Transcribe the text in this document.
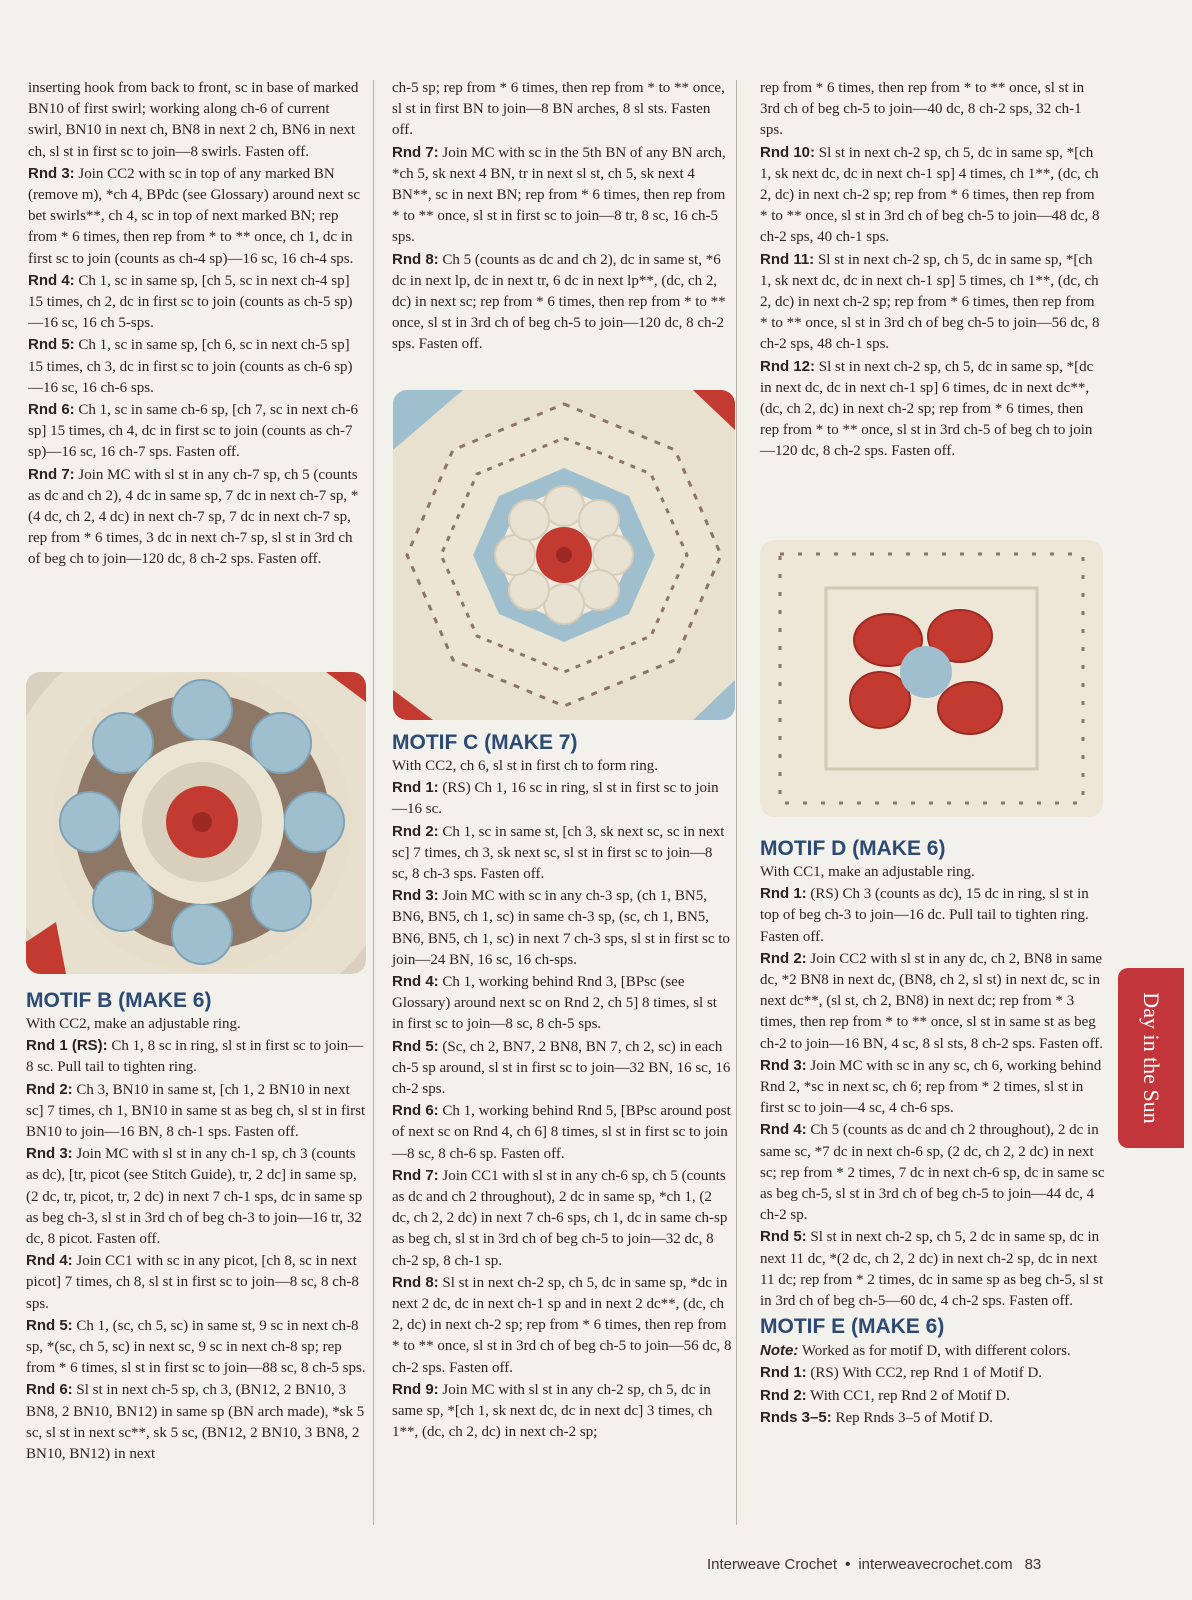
inserting hook from back to front, sc in base of marked BN10 of first swirl; working along ch-6 of current swirl, BN10 in next ch, BN8 in next 2 ch, BN6 in next ch, sl st in first sc to join—8 swirls. Fasten off.

Rnd 3: Join CC2 with sc in top of any marked BN (remove m), *ch 4, BPdc (see Glossary) around next sc bet swirls**, ch 4, sc in top of next marked BN; rep from * 6 times, then rep from * to ** once, ch 1, dc in first sc to join (counts as ch-4 sp)—16 sc, 16 ch-4 sps.

Rnd 4: Ch 1, sc in same sp, [ch 5, sc in next ch-4 sp] 15 times, ch 2, dc in first sc to join (counts as ch-5 sp)—16 sc, 16 ch 5-sps.

Rnd 5: Ch 1, sc in same sp, [ch 6, sc in next ch-5 sp] 15 times, ch 3, dc in first sc to join (counts as ch-6 sp)—16 sc, 16 ch-6 sps.

Rnd 6: Ch 1, sc in same ch-6 sp, [ch 7, sc in next ch-6 sp] 15 times, ch 4, dc in first sc to join (counts as ch-7 sp)—16 sc, 16 ch-7 sps. Fasten off.

Rnd 7: Join MC with sl st in any ch-7 sp, ch 5 (counts as dc and ch 2), 4 dc in same sp, 7 dc in next ch-7 sp, *(4 dc, ch 2, 4 dc) in next ch-7 sp, 7 dc in next ch-7 sp, rep from * 6 times, 3 dc in next ch-7 sp, sl st in 3rd ch of beg ch to join—120 dc, 8 ch-2 sps. Fasten off.

MOTIF B (MAKE 6)

With CC2, make an adjustable ring.

Rnd 1 (RS): Ch 1, 8 sc in ring, sl st in first sc to join—8 sc. Pull tail to tighten ring.

Rnd 2: Ch 3, BN10 in same st, [ch 1, 2 BN10 in next sc] 7 times, ch 1, BN10 in same st as beg ch, sl st in first BN10 to join—16 BN, 8 ch-1 sps. Fasten off.

Rnd 3: Join MC with sl st in any ch-1 sp, ch 3 (counts as dc), [tr, picot (see Stitch Guide), tr, 2 dc] in same sp, (2 dc, tr, picot, tr, 2 dc) in next 7 ch-1 sps, dc in same sp as beg ch-3, sl st in 3rd ch of beg ch-3 to join—16 tr, 32 dc, 8 picot. Fasten off.

Rnd 4: Join CC1 with sc in any picot, [ch 8, sc in next picot] 7 times, ch 8, sl st in first sc to join—8 sc, 8 ch-8 sps.

Rnd 5: Ch 1, (sc, ch 5, sc) in same st, 9 sc in next ch-8 sp, *(sc, ch 5, sc) in next sc, 9 sc in next ch-8 sp; rep from * 6 times, sl st in first sc to join—88 sc, 8 ch-5 sps.

Rnd 6: Sl st in next ch-5 sp, ch 3, (BN12, 2 BN10, 3 BN8, 2 BN10, BN12) in same sp (BN arch made), *sk 5 sc, sl st in next sc**, sk 5 sc, (BN12, 2 BN10, 3 BN8, 2 BN10, BN12) in next

ch-5 sp; rep from * 6 times, then rep from * to ** once, sl st in first BN to join—8 BN arches, 8 sl sts. Fasten off.

Rnd 7: Join MC with sc in the 5th BN of any BN arch, *ch 5, sk next 4 BN, tr in next sl st, ch 5, sk next 4 BN**, sc in next BN; rep from * 6 times, then rep from * to ** once, sl st in first sc to join—8 tr, 8 sc, 16 ch-5 sps.

Rnd 8: Ch 5 (counts as dc and ch 2), dc in same st, *6 dc in next lp, dc in next tr, 6 dc in next lp**, (dc, ch 2, dc) in next sc; rep from * 6 times, then rep from * to ** once, sl st in 3rd ch of beg ch-5 to join—120 dc, 8 ch-2 sps. Fasten off.

MOTIF C (MAKE 7)

With CC2, ch 6, sl st in first ch to form ring.

Rnd 1: (RS) Ch 1, 16 sc in ring, sl st in first sc to join—16 sc.

Rnd 2: Ch 1, sc in same st, [ch 3, sk next sc, sc in next sc] 7 times, ch 3, sk next sc, sl st in first sc to join—8 sc, 8 ch-3 sps. Fasten off.

Rnd 3: Join MC with sc in any ch-3 sp, (ch 1, BN5, BN6, BN5, ch 1, sc) in same ch-3 sp, (sc, ch 1, BN5, BN6, BN5, ch 1, sc) in next 7 ch-3 sps, sl st in first sc to join—24 BN, 16 sc, 16 ch-sps.

Rnd 4: Ch 1, working behind Rnd 3, [BPsc (see Glossary) around next sc on Rnd 2, ch 5] 8 times, sl st in first sc to join—8 sc, 8 ch-5 sps.

Rnd 5: (Sc, ch 2, BN7, 2 BN8, BN 7, ch 2, sc) in each ch-5 sp around, sl st in first sc to join—32 BN, 16 sc, 16 ch-2 sps.

Rnd 6: Ch 1, working behind Rnd 5, [BPsc around post of next sc on Rnd 4, ch 6] 8 times, sl st in first sc to join—8 sc, 8 ch-6 sp. Fasten off.

Rnd 7: Join CC1 with sl st in any ch-6 sp, ch 5 (counts as dc and ch 2 throughout), 2 dc in same sp, *ch 1, (2 dc, ch 2, 2 dc) in next 7 ch-6 sps, ch 1, dc in same ch-sp as beg ch, sl st in 3rd ch of beg ch-5 to join—32 dc, 8 ch-2 sp, 8 ch-1 sp.

Rnd 8: Sl st in next ch-2 sp, ch 5, dc in same sp, *dc in next 2 dc, dc in next ch-1 sp and in next 2 dc**, (dc, ch 2, dc) in next ch-2 sp; rep from * 6 times, then rep from * to ** once, sl st in 3rd ch of beg ch-5 to join—56 dc, 8 ch-2 sps. Fasten off.

Rnd 9: Join MC with sl st in any ch-2 sp, ch 5, dc in same sp, *[ch 1, sk next dc, dc in next dc] 3 times, ch 1**, (dc, ch 2, dc) in next ch-2 sp;

rep from * 6 times, then rep from * to ** once, sl st in 3rd ch of beg ch-5 to join—40 dc, 8 ch-2 sps, 32 ch-1 sps.

Rnd 10: Sl st in next ch-2 sp, ch 5, dc in same sp, *[ch 1, sk next dc, dc in next ch-1 sp] 4 times, ch 1**, (dc, ch 2, dc) in next ch-2 sp; rep from * 6 times, then rep from * to ** once, sl st in 3rd ch of beg ch-5 to join—48 dc, 8 ch-2 sps, 40 ch-1 sps.

Rnd 11: Sl st in next ch-2 sp, ch 5, dc in same sp, *[ch 1, sk next dc, dc in next ch-1 sp] 5 times, ch 1**, (dc, ch 2, dc) in next ch-2 sp; rep from * 6 times, then rep from * to ** once, sl st in 3rd ch of beg ch-5 to join—56 dc, 8 ch-2 sps, 48 ch-1 sps.

Rnd 12: Sl st in next ch-2 sp, ch 5, dc in same sp, *[dc in next dc, dc in next ch-1 sp] 6 times, dc in next dc**, (dc, ch 2, dc) in next ch-2 sp; rep from * 6 times, then rep from * to ** once, sl st in 3rd ch-5 of beg ch to join—120 dc, 8 ch-2 sps. Fasten off.

MOTIF D (MAKE 6)

With CC1, make an adjustable ring.

Rnd 1: (RS) Ch 3 (counts as dc), 15 dc in ring, sl st in top of beg ch-3 to join—16 dc. Pull tail to tighten ring. Fasten off.

Rnd 2: Join CC2 with sl st in any dc, ch 2, BN8 in same dc, *2 BN8 in next dc, (BN8, ch 2, sl st) in next dc, sc in next dc**, (sl st, ch 2, BN8) in next dc; rep from * 3 times, then rep from * to ** once, sl st in same st as beg ch-2 to join—16 BN, 4 sc, 8 sl sts, 8 ch-2 sps. Fasten off.

Rnd 3: Join MC with sc in any sc, ch 6, working behind Rnd 2, *sc in next sc, ch 6; rep from * 2 times, sl st in first sc to join—4 sc, 4 ch-6 sps.

Rnd 4: Ch 5 (counts as dc and ch 2 throughout), 2 dc in same sc, *7 dc in next ch-6 sp, (2 dc, ch 2, 2 dc) in next sc; rep from * 2 times, 7 dc in next ch-6 sp, dc in same sc as beg ch-5, sl st in 3rd ch of beg ch-5 to join—44 dc, 4 ch-2 sp.

Rnd 5: Sl st in next ch-2 sp, ch 5, 2 dc in same sp, dc in next 11 dc, *(2 dc, ch 2, 2 dc) in next ch-2 sp, dc in next 11 dc; rep from * 2 times, dc in same sp as beg ch-5, sl st in 3rd ch of beg ch-5—60 dc, 4 ch-2 sps. Fasten off.

MOTIF E (MAKE 6)

Note: Worked as for motif D, with different colors.

Rnd 1: (RS) With CC2, rep Rnd 1 of Motif D.

Rnd 2: With CC1, rep Rnd 2 of Motif D.

Rnds 3–5: Rep Rnds 3–5 of Motif D.

Day in the Sun
Interweave Crochet • interweavecrochet.com 83
